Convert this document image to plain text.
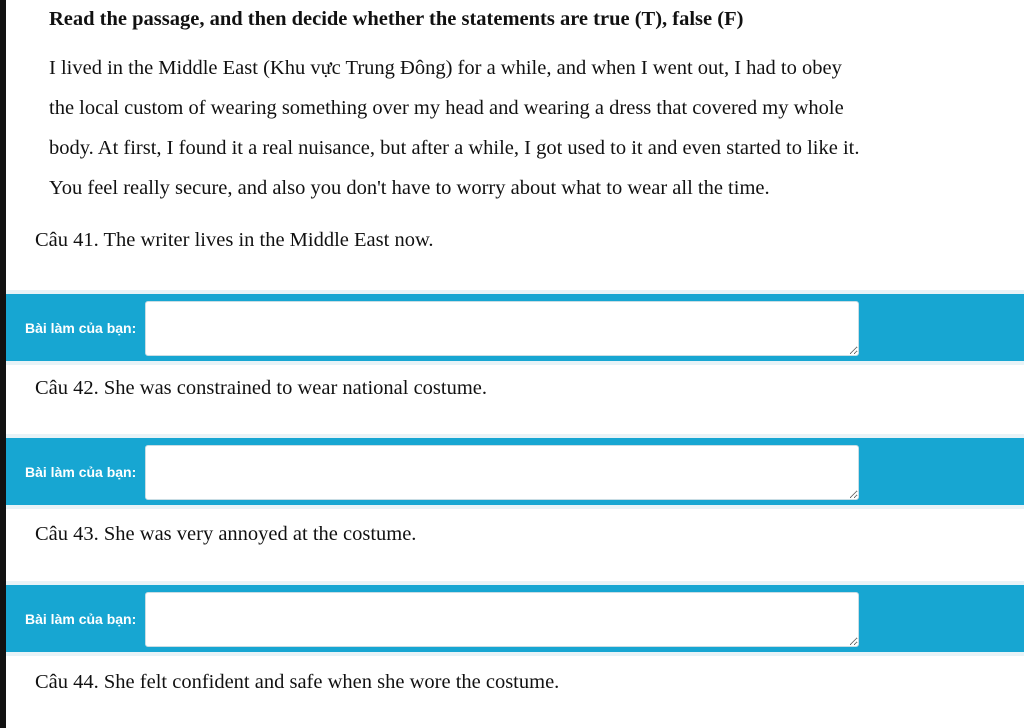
Read the passage, and then decide whether the statements are true (T), false (F)
I lived in the Middle East (Khu vực Trung Đông) for a while, and when I went out, I had to obey
the local custom of wearing something over my head and wearing a dress that covered my whole
body. At first, I found it a real nuisance, but after a while, I got used to it and even started to like it.
You feel really secure, and also you don't have to worry about what to wear all the time.
Câu 41. The writer lives in the Middle East now.
Bài làm của bạn:
Câu 42. She was constrained to wear national costume.
Bài làm của bạn:
Câu 43. She was very annoyed at the costume.
Bài làm của bạn:
Câu 44. She felt confident and safe when she wore the costume.
